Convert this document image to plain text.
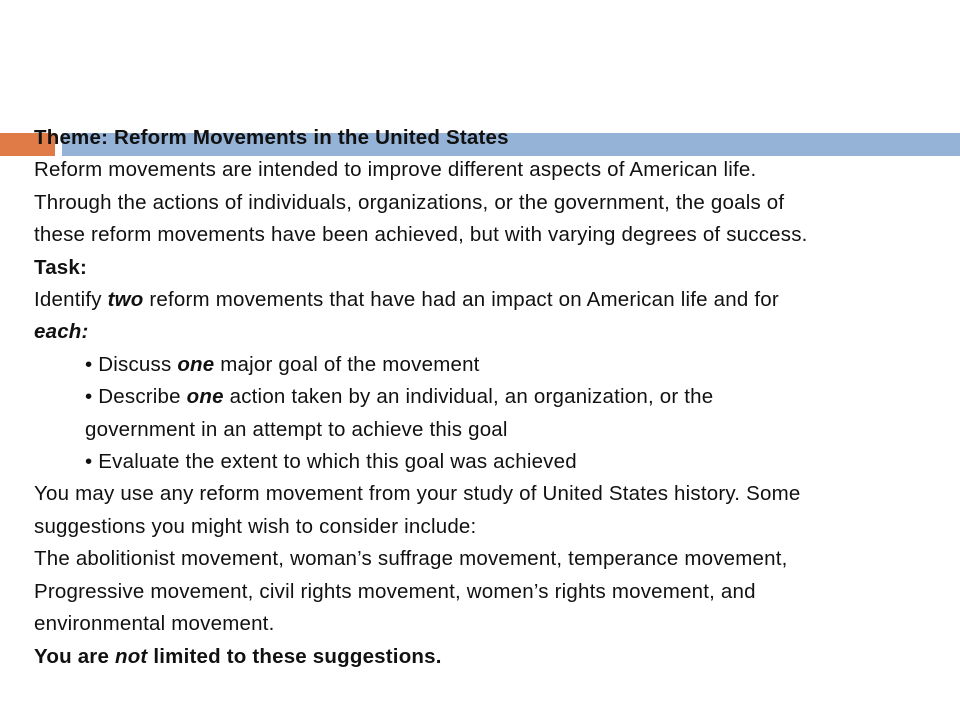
Theme: Reform Movements in the United States
Reform movements are intended to improve different aspects of American life.
Through the actions of individuals, organizations, or the government, the goals of
these reform movements have been achieved, but with varying degrees of success.
Task:
Identify two reform movements that have had an impact on American life and for
each:
• Discuss one major goal of the movement
• Describe one action taken by an individual, an organization, or the
government in an attempt to achieve this goal
• Evaluate the extent to which this goal was achieved
You may use any reform movement from your study of United States history. Some
suggestions you might wish to consider include:
The abolitionist movement, woman’s suffrage movement, temperance movement,
Progressive movement, civil rights movement, women’s rights movement, and
environmental movement.
You are not limited to these suggestions.
